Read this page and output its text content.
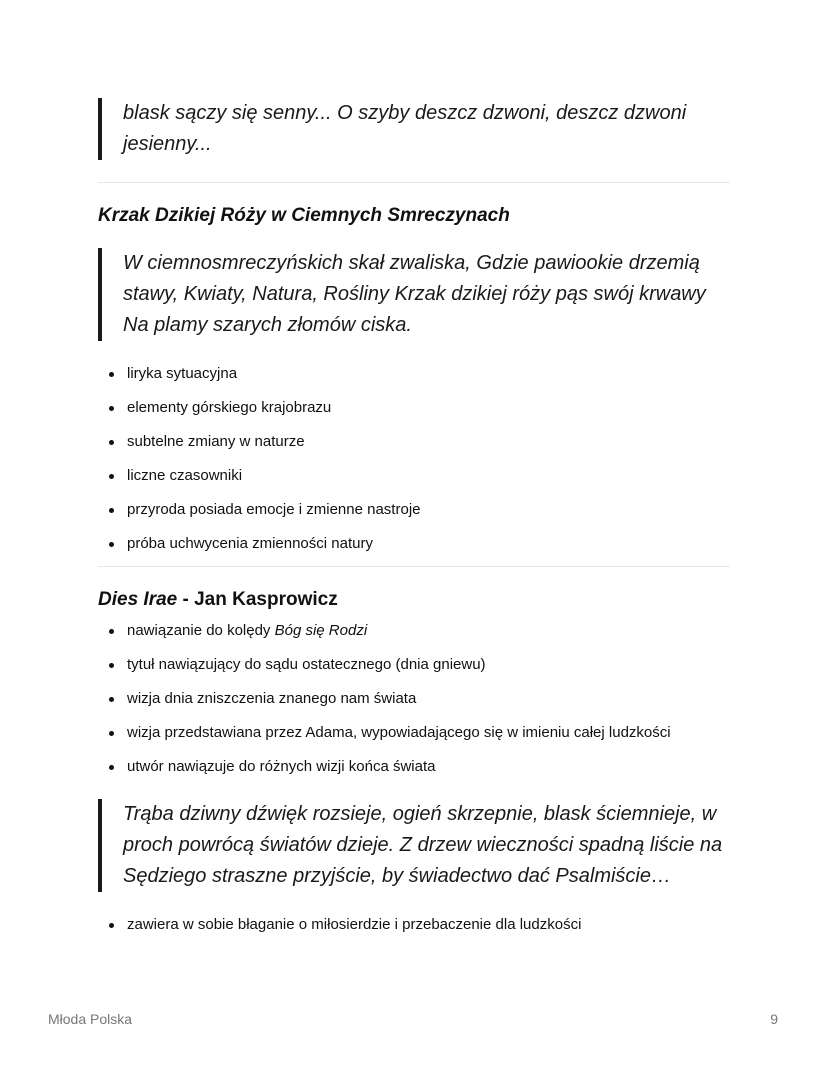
blask sączy się senny... O szyby deszcz dzwoni, deszcz dzwoni jesienny...
Krzak Dzikiej Róży w Ciemnych Smreczynach
W ciemnosmreczyńskich skał zwaliska, Gdzie pawiookie drzemią stawy, Kwiaty, Natura, Rośliny Krzak dzikiej róży pąs swój krwawy Na plamy szarych złomów ciska.
liryka sytuacyjna
elementy górskiego krajobrazu
subtelne zmiany w naturze
liczne czasowniki
przyroda posiada emocje i zmienne nastroje
próba uchwycenia zmienności natury
Dies Irae - Jan Kasprowicz
nawiązanie do kolędy Bóg się Rodzi
tytuł nawiązujący do sądu ostatecznego (dnia gniewu)
wizja dnia zniszczenia znanego nam świata
wizja przedstawiana przez Adama, wypowiadającego się w imieniu całej ludzkości
utwór nawiązuje do różnych wizji końca świata
Trąba dziwny dźwięk rozsieje, ogień skrzepnie, blask ściemnieje, w proch powrócą światów dzieje. Z drzew wieczności spadną liście na Sędziego straszne przyjście, by świadectwo dać Psalmiście…
zawiera w sobie błaganie o miłosierdzie i przebaczenie dla ludzkości
Młoda Polska	9
